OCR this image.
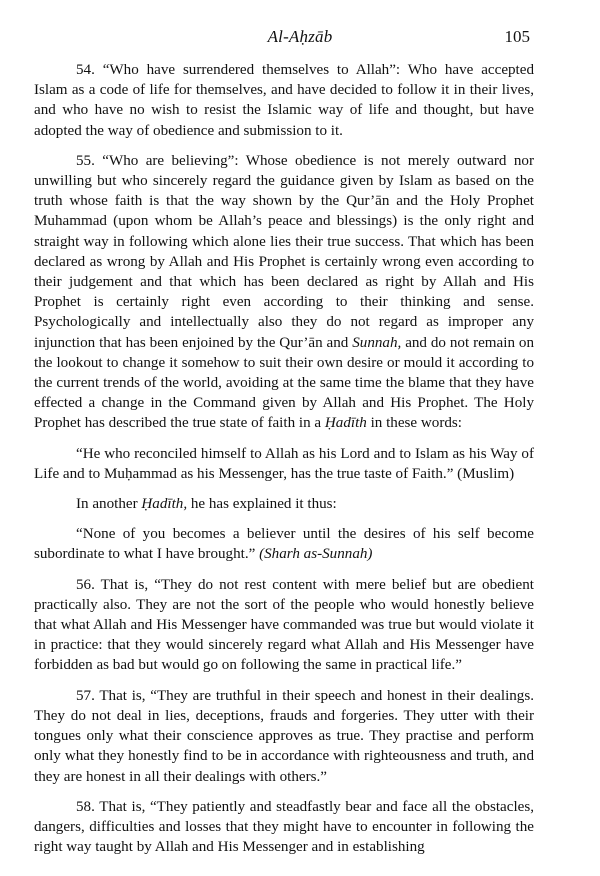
Al-Aḥzāb	105

54. “Who have surrendered themselves to Allah”: Who have accepted Islam as a code of life for themselves, and have decided to follow it in their lives, and who have no wish to resist the Islamic way of life and thought, but have adopted the way of obedience and submission to it.

55. “Who are believing”: Whose obedience is not merely outward nor unwilling but who sincerely regard the guidance given by Islam as based on the truth whose faith is that the way shown by the Qur’ān and the Holy Prophet Muhammad (upon whom be Allah’s peace and blessings) is the only right and straight way in following which alone lies their true success. That which has been declared as wrong by Allah and His Prophet is certainly wrong even according to their judgement and that which has been declared as right by Allah and His Prophet is certainly right even according to their thinking and sense. Psychologically and intellectually also they do not regard as improper any injunction that has been enjoined by the Qur’ān and Sunnah, and do not remain on the lookout to change it somehow to suit their own desire or mould it according to the current trends of the world, avoiding at the same time the blame that they have effected a change in the Command given by Allah and His Prophet. The Holy Prophet has described the true state of faith in a Ḥadīth in these words:

“He who reconciled himself to Allah as his Lord and to Islam as his Way of Life and to Muḥammad as his Messenger, has the true taste of Faith.” (Muslim)

In another Ḥadīth, he has explained it thus:

“None of you becomes a believer until the desires of his self become subordinate to what I have brought.” (Sharh as-Sunnah)

56. That is, “They do not rest content with mere belief but are obedient practically also. They are not the sort of the people who would honestly believe that what Allah and His Messenger have commanded was true but would violate it in practice: that they would sincerely regard what Allah and His Messenger have forbidden as bad but would go on following the same in practical life.”

57. That is, “They are truthful in their speech and honest in their dealings. They do not deal in lies, deceptions, frauds and forgeries. They utter with their tongues only what their conscience approves as true. They practise and perform only what they honestly find to be in accordance with righteousness and truth, and they are honest in all their dealings with others.”

58. That is, “They patiently and steadfastly bear and face all the obstacles, dangers, difficulties and losses that they might have to encounter in following the right way taught by Allah and His Messenger and in establishing
